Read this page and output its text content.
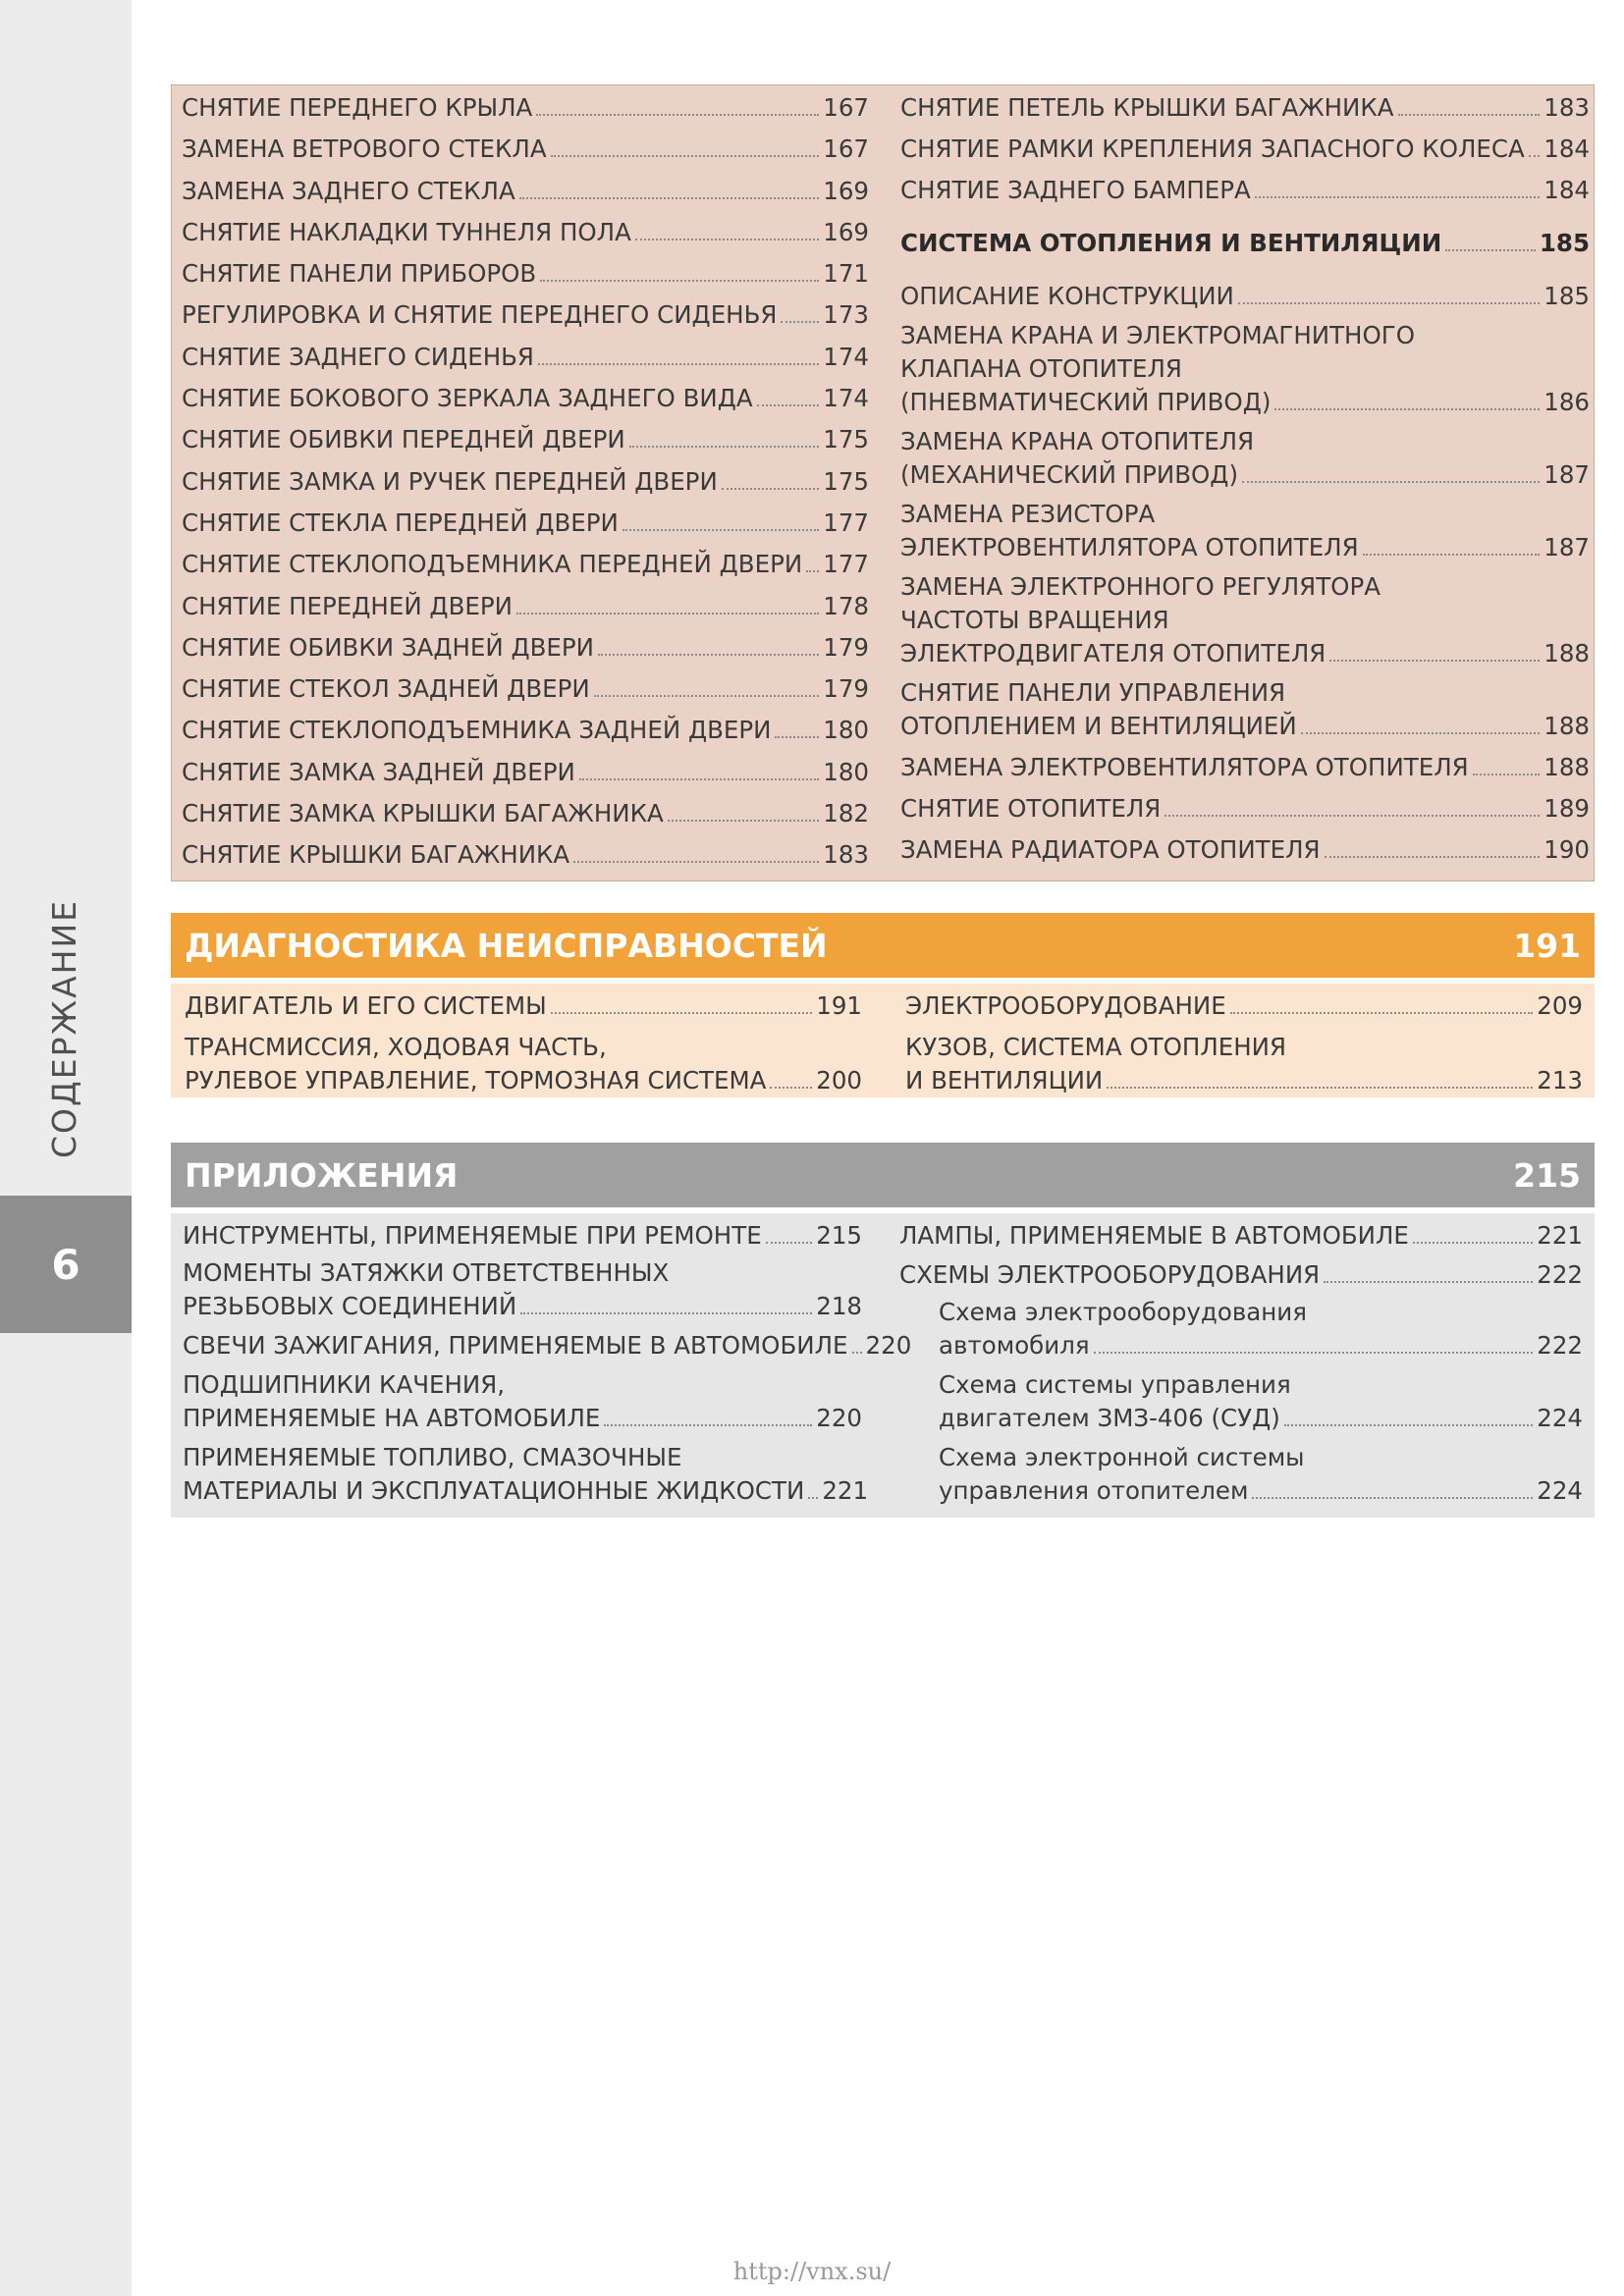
СОДЕРЖАНИЕ
6
СНЯТИЕ ПЕРЕДНЕГО КРЫЛА	167
ЗАМЕНА ВЕТРОВОГО СТЕКЛА	167
ЗАМЕНА ЗАДНЕГО СТЕКЛА	169
СНЯТИЕ НАКЛАДКИ ТУННЕЛЯ ПОЛА	169
СНЯТИЕ ПАНЕЛИ ПРИБОРОВ	171
РЕГУЛИРОВКА И СНЯТИЕ ПЕРЕДНЕГО СИДЕНЬЯ 173
СНЯТИЕ ЗАДНЕГО СИДЕНЬЯ	174
СНЯТИЕ БОКОВОГО ЗЕРКАЛА ЗАДНЕГО ВИДА	174
СНЯТИЕ ОБИВКИ ПЕРЕДНЕЙ ДВЕРИ	175
СНЯТИЕ ЗАМКА И РУЧЕК ПЕРЕДНЕЙ ДВЕРИ	175
СНЯТИЕ СТЕКЛА ПЕРЕДНЕЙ ДВЕРИ	177
СНЯТИЕ СТЕКЛОПОДЪЕМНИКА ПЕРЕДНЕЙ ДВЕРИ 177
СНЯТИЕ ПЕРЕДНЕЙ ДВЕРИ	178
СНЯТИЕ ОБИВКИ ЗАДНЕЙ ДВЕРИ	179
СНЯТИЕ СТЕКОЛ ЗАДНЕЙ ДВЕРИ	179
СНЯТИЕ СТЕКЛОПОДЪЕМНИКА ЗАДНЕЙ ДВЕРИ 180
СНЯТИЕ ЗАМКА ЗАДНЕЙ ДВЕРИ	180
СНЯТИЕ ЗАМКА КРЫШКИ БАГАЖНИКА	182
СНЯТИЕ КРЫШКИ БАГАЖНИКА	183
СНЯТИЕ ПЕТЕЛЬ КРЫШКИ БАГАЖНИКА	183
СНЯТИЕ РАМКИ КРЕПЛЕНИЯ ЗАПАСНОГО КОЛЕСА 184
СНЯТИЕ ЗАДНЕГО БАМПЕРА	184
СИСТЕМА ОТОПЛЕНИЯ И ВЕНТИЛЯЦИИ	185
ОПИСАНИЕ КОНСТРУКЦИИ	185
ЗАМЕНА КРАНА И ЭЛЕКТРОМАГНИТНОГО
КЛАПАНА ОТОПИТЕЛЯ
(ПНЕВМАТИЧЕСКИЙ ПРИВОД)	186
ЗАМЕНА КРАНА ОТОПИТЕЛЯ
(МЕХАНИЧЕСКИЙ ПРИВОД)	187
ЗАМЕНА РЕЗИСТОРА
ЭЛЕКТРОВЕНТИЛЯТОРА ОТОПИТЕЛЯ	187
ЗАМЕНА ЭЛЕКТРОННОГО РЕГУЛЯТОРА
ЧАСТОТЫ ВРАЩЕНИЯ
ЭЛЕКТРОДВИГАТЕЛЯ ОТОПИТЕЛЯ	188
СНЯТИЕ ПАНЕЛИ УПРАВЛЕНИЯ
ОТОПЛЕНИЕМ И ВЕНТИЛЯЦИЕЙ	188
ЗАМЕНА ЭЛЕКТРОВЕНТИЛЯТОРА ОТОПИТЕЛЯ	188
СНЯТИЕ ОТОПИТЕЛЯ	189
ЗАМЕНА РАДИАТОРА ОТОПИТЕЛЯ	190
ДИАГНОСТИКА НЕИСПРАВНОСТЕЙ	191
ДВИГАТЕЛЬ И ЕГО СИСТЕМЫ	191
ТРАНСМИССИЯ, ХОДОВАЯ ЧАСТЬ,
РУЛЕВОЕ УПРАВЛЕНИЕ, ТОРМОЗНАЯ СИСТЕМА 200
ЭЛЕКТРООБОРУДОВАНИЕ	209
КУЗОВ, СИСТЕМА ОТОПЛЕНИЯ
И ВЕНТИЛЯЦИИ	213
ПРИЛОЖЕНИЯ	215
ИНСТРУМЕНТЫ, ПРИМЕНЯЕМЫЕ ПРИ РЕМОНТЕ 215
МОМЕНТЫ ЗАТЯЖКИ ОТВЕТСТВЕННЫХ
РЕЗЬБОВЫХ СОЕДИНЕНИЙ	218
СВЕЧИ ЗАЖИГАНИЯ, ПРИМЕНЯЕМЫЕ В АВТОМОБИЛЕ 220
ПОДШИПНИКИ КАЧЕНИЯ,
ПРИМЕНЯЕМЫЕ НА АВТОМОБИЛЕ	220
ПРИМЕНЯЕМЫЕ ТОПЛИВО, СМАЗОЧНЫЕ
МАТЕРИАЛЫ И ЭКСПЛУАТАЦИОННЫЕ ЖИДКОСТИ 221
ЛАМПЫ, ПРИМЕНЯЕМЫЕ В АВТОМОБИЛЕ	221
СХЕМЫ ЭЛЕКТРООБОРУДОВАНИЯ	222
Схема электрооборудования
автомобиля	222
Схема системы управления
двигателем ЗМЗ-406 (СУД)	224
Схема электронной системы
управления отопителем	224
http://vnx.su/
